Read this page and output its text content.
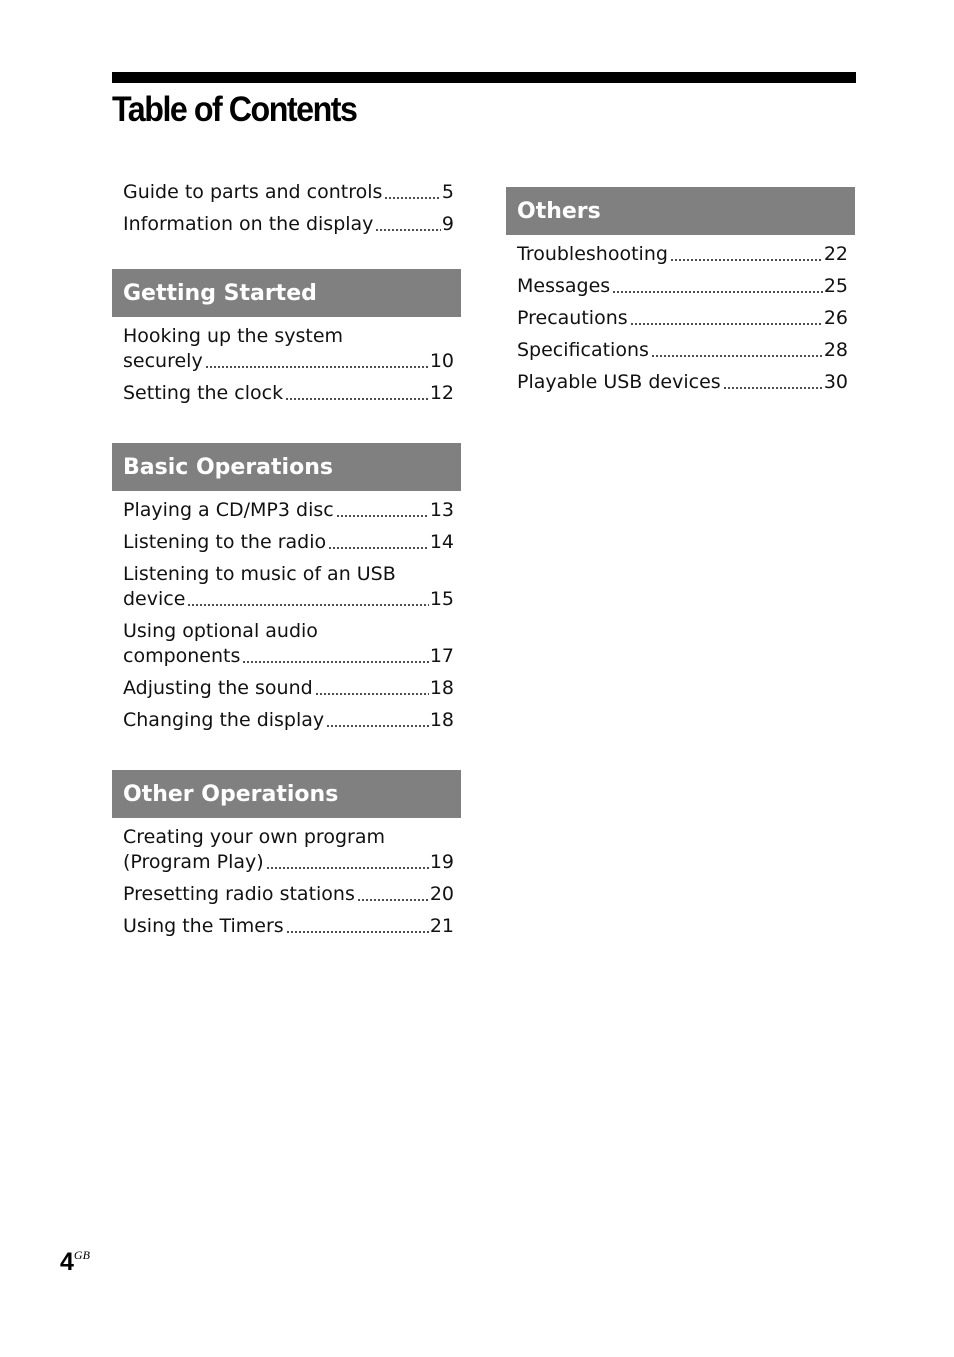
Table of Contents
Guide to parts and controls	5
Information on the display	9
Getting Started
Hooking up the system
securely	10
Setting the clock	12
Basic Operations
Playing a CD/MP3 disc	13
Listening to the radio	14
Listening to music of an USB
device	15
Using optional audio
components	17
Adjusting the sound	18
Changing the display	18
Other Operations
Creating your own program
(Program Play)	19
Presetting radio stations	20
Using the Timers	21
Others
Troubleshooting	22
Messages	25
Precautions	26
Specifications	28
Playable USB devices	30
$4^{GB}$
